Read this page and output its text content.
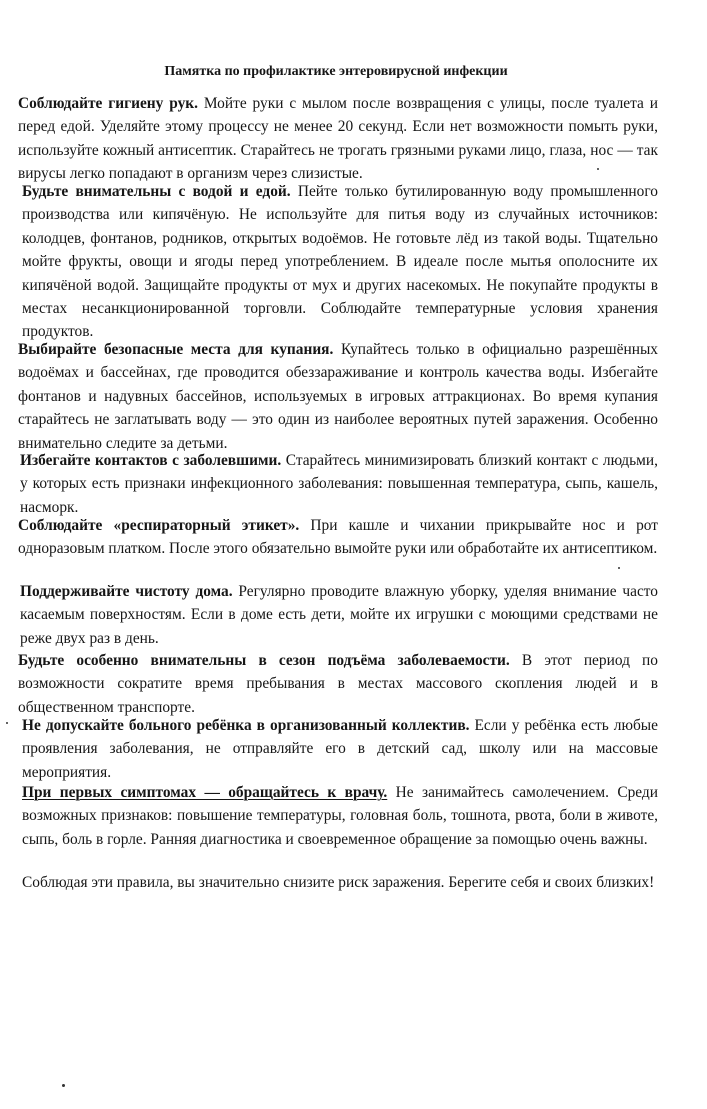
Памятка по профилактике энтеровирусной инфекции

Соблюдайте гигиену рук. Мойте руки с мылом после возвращения с улицы, после туалета и перед едой. Уделяйте этому процессу не менее 20 секунд. Если нет возможности помыть руки, используйте кожный антисептик. Старайтесь не трогать грязными руками лицо, глаза, нос — так вирусы легко попадают в организм через слизистые.

Будьте внимательны с водой и едой. Пейте только бутилированную воду промышленного производства или кипячёную. Не используйте для питья воду из случайных источников: колодцев, фонтанов, родников, открытых водоёмов. Не готовьте лёд из такой воды. Тщательно мойте фрукты, овощи и ягоды перед употреблением. В идеале после мытья ополосните их кипячёной водой. Защищайте продукты от мух и других насекомых. Не покупайте продукты в местах несанкционированной торговли. Соблюдайте температурные условия хранения продуктов.

Выбирайте безопасные места для купания. Купайтесь только в официально разрешённых водоёмах и бассейнах, где проводится обеззараживание и контроль качества воды. Избегайте фонтанов и надувных бассейнов, используемых в игровых аттракционах. Во время купания старайтесь не заглатывать воду — это один из наиболее вероятных путей заражения. Особенно внимательно следите за детьми.

Избегайте контактов с заболевшими. Старайтесь минимизировать близкий контакт с людьми, у которых есть признаки инфекционного заболевания: повышенная температура, сыпь, кашель, насморк.

Соблюдайте «респираторный этикет». При кашле и чихании прикрывайте нос и рот одноразовым платком. После этого обязательно вымойте руки или обработайте их антисептиком.

Поддерживайте чистоту дома. Регулярно проводите влажную уборку, уделяя внимание часто касаемым поверхностям. Если в доме есть дети, мойте их игрушки с моющими средствами не реже двух раз в день.

Будьте особенно внимательны в сезон подъёма заболеваемости. В этот период по возможности сократите время пребывания в местах массового скопления людей и в общественном транспорте.

Не допускайте больного ребёнка в организованный коллектив. Если у ребёнка есть любые проявления заболевания, не отправляйте его в детский сад, школу или на массовые мероприятия.

При первых симптомах — обращайтесь к врачу. Не занимайтесь самолечением. Среди возможных признаков: повышение температуры, головная боль, тошнота, рвота, боли в животе, сыпь, боль в горле. Ранняя диагностика и своевременное обращение за помощью очень важны.

Соблюдая эти правила, вы значительно снизите риск заражения. Берегите себя и своих близких!
